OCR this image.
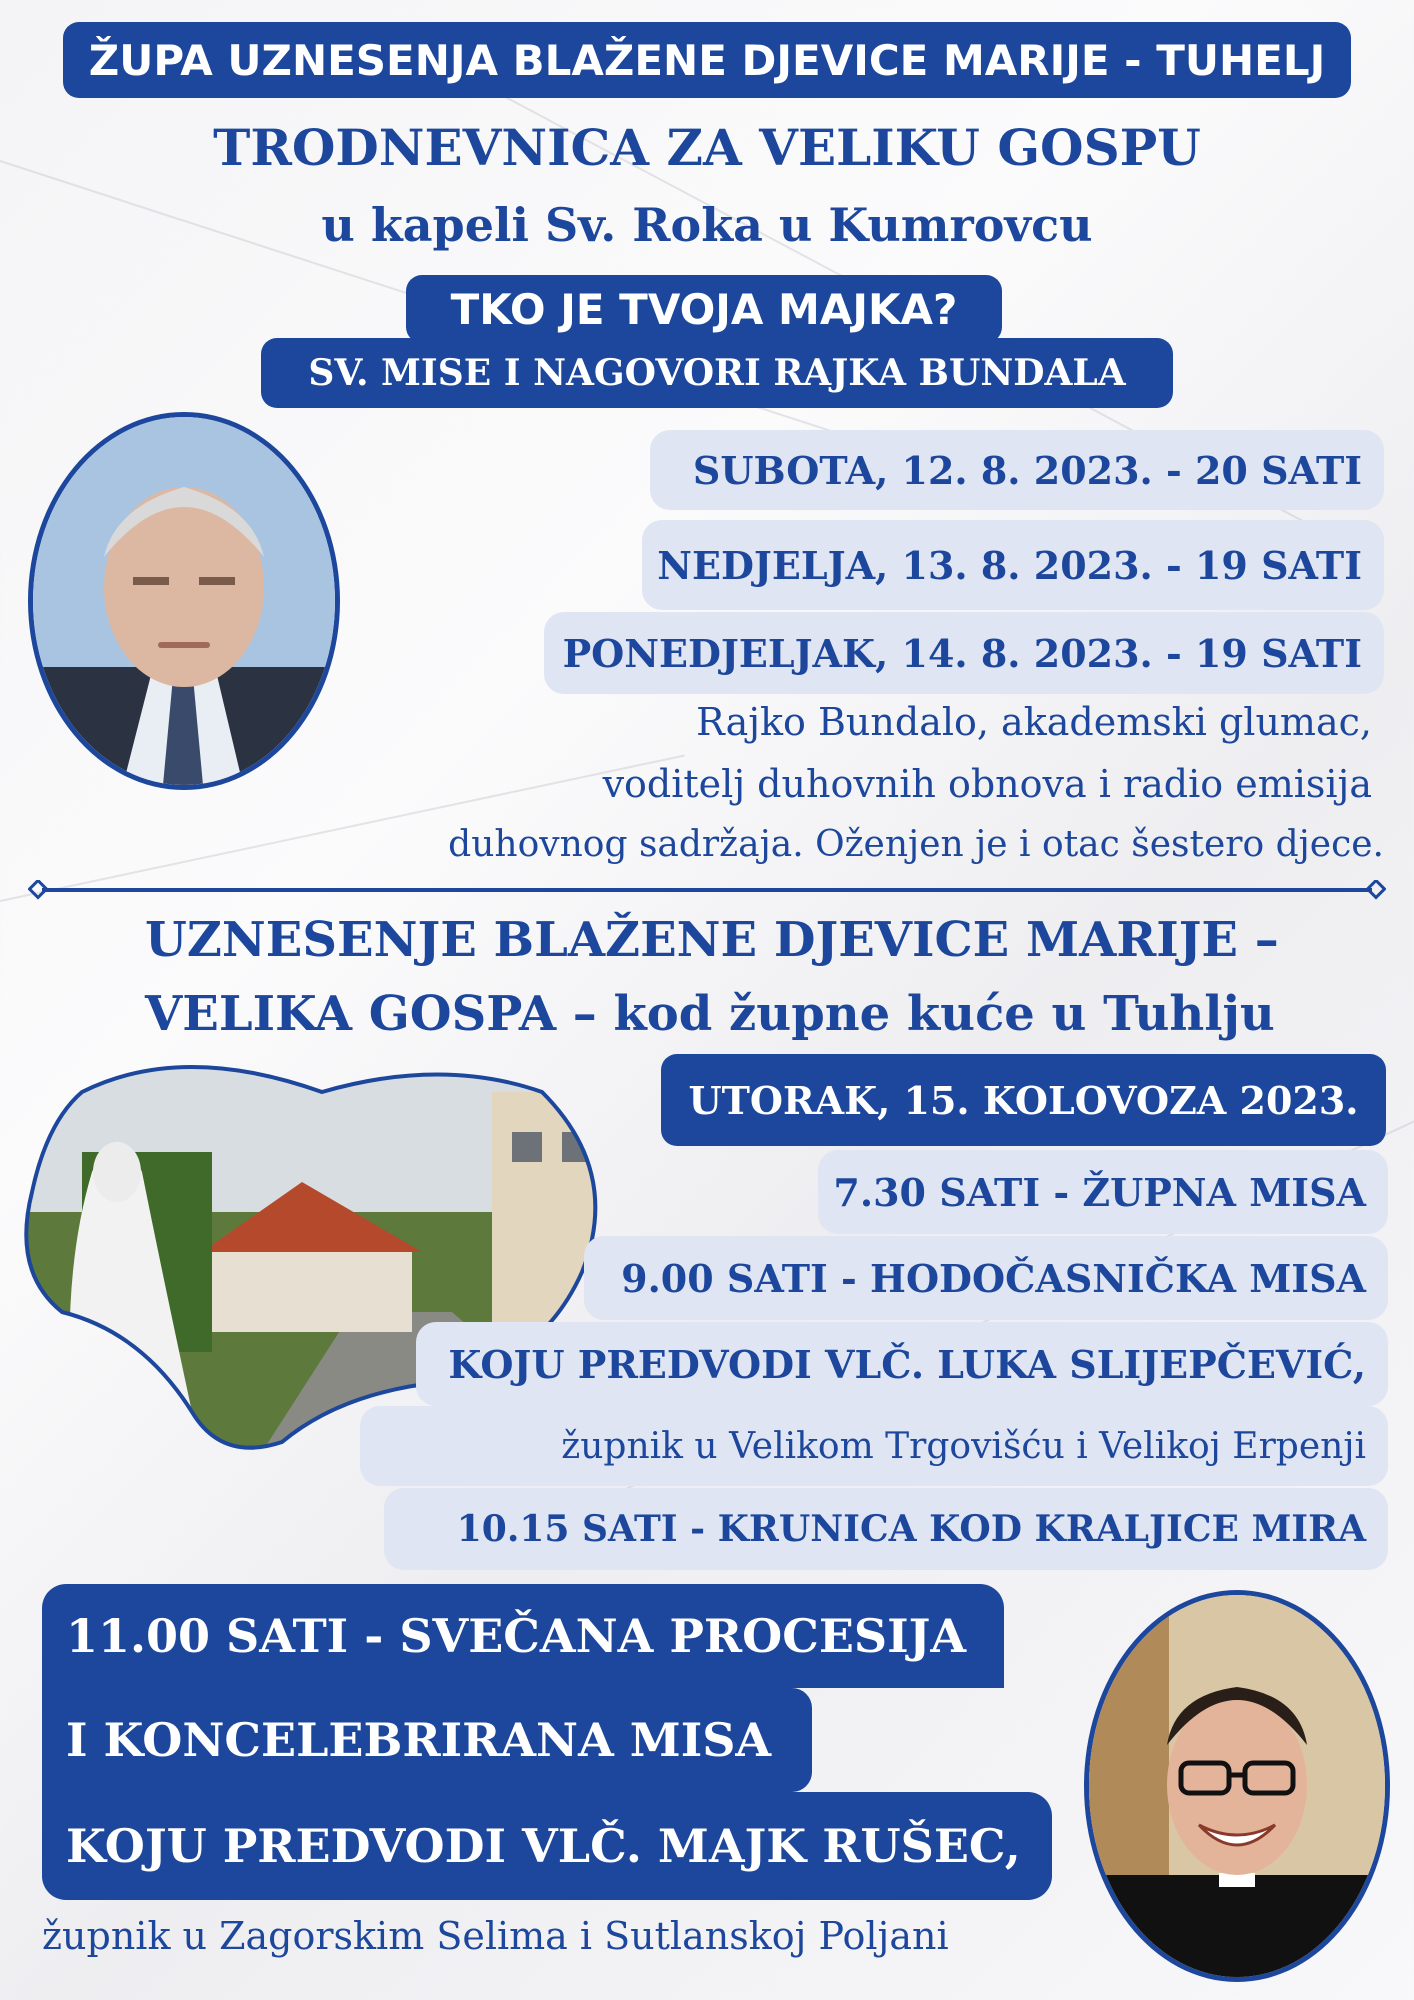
ŽUPA UZNESENJA BLAŽENE DJEVICE MARIJE - TUHELJ
TRODNEVNICA ZA VELIKU GOSPU
u kapeli Sv. Roka u Kumrovcu
TKO JE TVOJA MAJKA?
SV. MISE I NAGOVORI RAJKA BUNDALA
SUBOTA, 12. 8. 2023. - 20 SATI
NEDJELJA, 13. 8. 2023. - 19 SATI
PONEDJELJAK, 14. 8. 2023. - 19 SATI
Rajko Bundalo, akademski glumac,
voditelj duhovnih obnova i radio emisija
duhovnog sadržaja. Oženjen je i otac šestero djece.
UZNESENJE BLAŽENE DJEVICE MARIJE –
VELIKA GOSPA – kod župne kuće u Tuhlju
UTORAK, 15. KOLOVOZA 2023.
7.30 SATI - ŽUPNA MISA
9.00 SATI - HODOČASNIČKA MISA
KOJU PREDVODI VLČ. LUKA SLIJEPČEVIĆ,
župnik u Velikom Trgovišću i Velikoj Erpenji
10.15 SATI - KRUNICA KOD KRALJICE MIRA
11.00 SATI - SVEČANA PROCESIJA
I KONCELEBRIRANA MISA
KOJU PREDVODI VLČ. MAJK RUŠEC,
župnik u Zagorskim Selima i Sutlanskoj Poljani
